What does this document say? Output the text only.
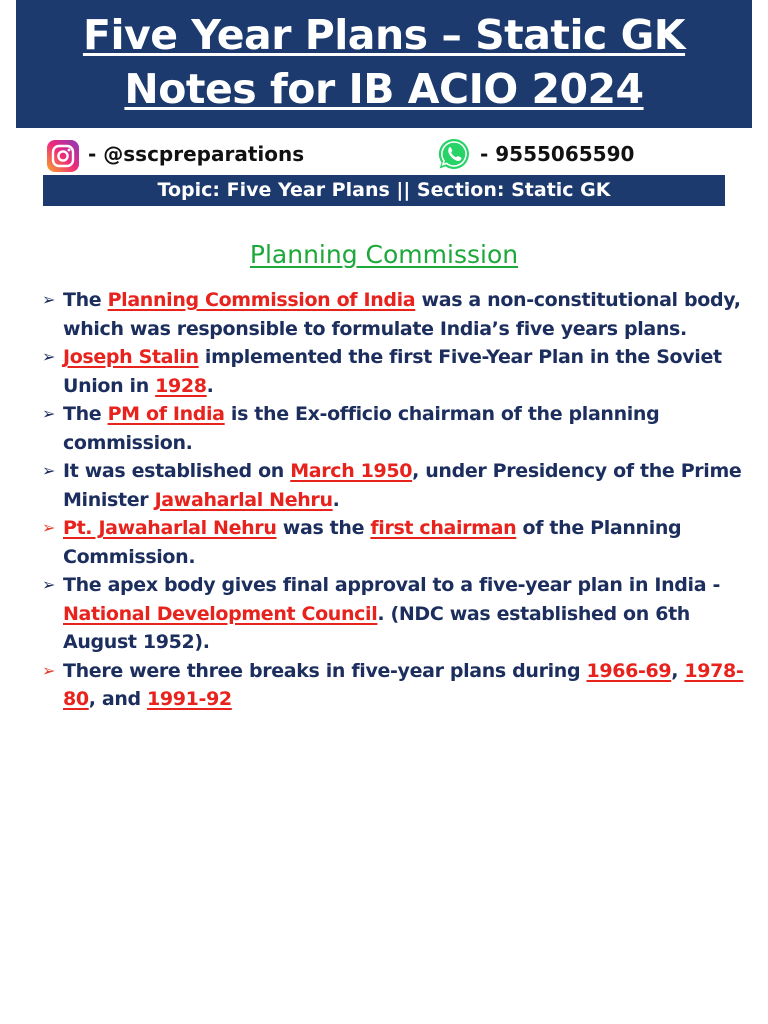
Five Year Plans – Static GK
Notes for IB ACIO 2024
- @sscpreparations	- 9555065590
Topic: Five Year Plans || Section: Static GK
Planning Commission
➢ The Planning Commission of India was a non-constitutional body, which was responsible to formulate India’s five years plans.
➢ Joseph Stalin implemented the first Five-Year Plan in the Soviet Union in 1928.
➢ The PM of India is the Ex-officio chairman of the planning commission.
➢ It was established on March 1950, under Presidency of the Prime Minister Jawaharlal Nehru.
➢ Pt. Jawaharlal Nehru was the first chairman of the Planning Commission.
➢ The apex body gives final approval to a five-year plan in India - National Development Council. (NDC was established on 6th August 1952).
➢ There were three breaks in five-year plans during 1966-69, 1978-80, and 1991-92
